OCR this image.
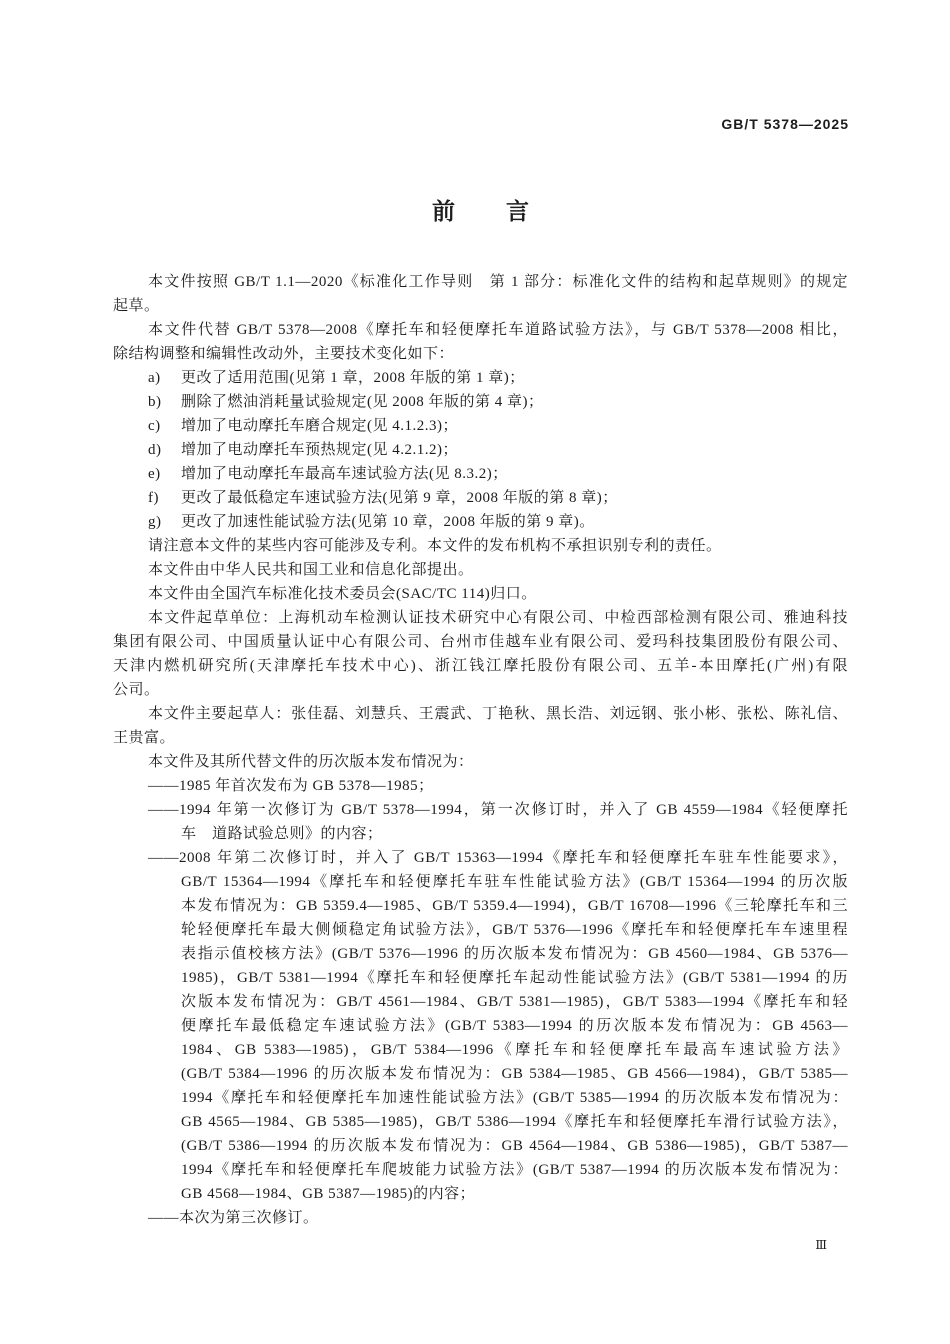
GB/T 5378—2025
前　言
本文件按照 GB/T 1.1—2020《标准化工作导则　第 1 部分：标准化文件的结构和起草规则》的规定
起草。
本文件代替 GB/T 5378—2008《摩托车和轻便摩托车道路试验方法》，与 GB/T 5378—2008 相比，
除结构调整和编辑性改动外，主要技术变化如下：
a)	更改了适用范围(见第 1 章，2008 年版的第 1 章)；
b)	删除了燃油消耗量试验规定(见 2008 年版的第 4 章)；
c)	增加了电动摩托车磨合规定(见 4.1.2.3)；
d)	增加了电动摩托车预热规定(见 4.2.1.2)；
e)	增加了电动摩托车最高车速试验方法(见 8.3.2)；
f)	更改了最低稳定车速试验方法(见第 9 章，2008 年版的第 8 章)；
g)	更改了加速性能试验方法(见第 10 章，2008 年版的第 9 章)。
请注意本文件的某些内容可能涉及专利。本文件的发布机构不承担识别专利的责任。
本文件由中华人民共和国工业和信息化部提出。
本文件由全国汽车标准化技术委员会(SAC/TC 114)归口。
本文件起草单位：上海机动车检测认证技术研究中心有限公司、中检西部检测有限公司、雅迪科技
集团有限公司、中国质量认证中心有限公司、台州市佳越车业有限公司、爱玛科技集团股份有限公司、
天津内燃机研究所(天津摩托车技术中心)、浙江钱江摩托股份有限公司、五羊-本田摩托(广州)有限
公司。
本文件主要起草人：张佳磊、刘慧兵、王震武、丁艳秋、黑长浩、刘远钢、张小彬、张松、陈礼信、
王贵富。
本文件及其所代替文件的历次版本发布情况为：
——1985 年首次发布为 GB 5378—1985；
——1994 年第一次修订为 GB/T 5378—1994，第一次修订时，并入了 GB 4559—1984《轻便摩托
车　道路试验总则》的内容；
——2008 年第二次修订时，并入了 GB/T 15363—1994《摩托车和轻便摩托车驻车性能要求》，
GB/T 15364—1994《摩托车和轻便摩托车驻车性能试验方法》(GB/T 15364—1994 的历次版
本发布情况为：GB 5359.4—1985、GB/T 5359.4—1994)，GB/T 16708—1996《三轮摩托车和三
轮轻便摩托车最大侧倾稳定角试验方法》，GB/T 5376—1996《摩托车和轻便摩托车车速里程
表指示值校核方法》(GB/T 5376—1996 的历次版本发布情况为：GB 4560—1984、GB 5376—
1985)，GB/T 5381—1994《摩托车和轻便摩托车起动性能试验方法》(GB/T 5381—1994 的历
次版本发布情况为：GB/T 4561—1984、GB/T 5381—1985)，GB/T 5383—1994《摩托车和轻
便摩托车最低稳定车速试验方法》(GB/T 5383—1994 的历次版本发布情况为：GB 4563—
1984、GB 5383—1985)，GB/T 5384—1996《摩托车和轻便摩托车最高车速试验方法》
(GB/T 5384—1996 的历次版本发布情况为：GB 5384—1985、GB 4566—1984)，GB/T 5385—
1994《摩托车和轻便摩托车加速性能试验方法》(GB/T 5385—1994 的历次版本发布情况为：
GB 4565—1984、GB 5385—1985)，GB/T 5386—1994《摩托车和轻便摩托车滑行试验方法》，
(GB/T 5386—1994 的历次版本发布情况为：GB 4564—1984、GB 5386—1985)，GB/T 5387—
1994《摩托车和轻便摩托车爬坡能力试验方法》(GB/T 5387—1994 的历次版本发布情况为：
GB 4568—1984、GB 5387—1985)的内容；
——本次为第三次修订。
Ⅲ
